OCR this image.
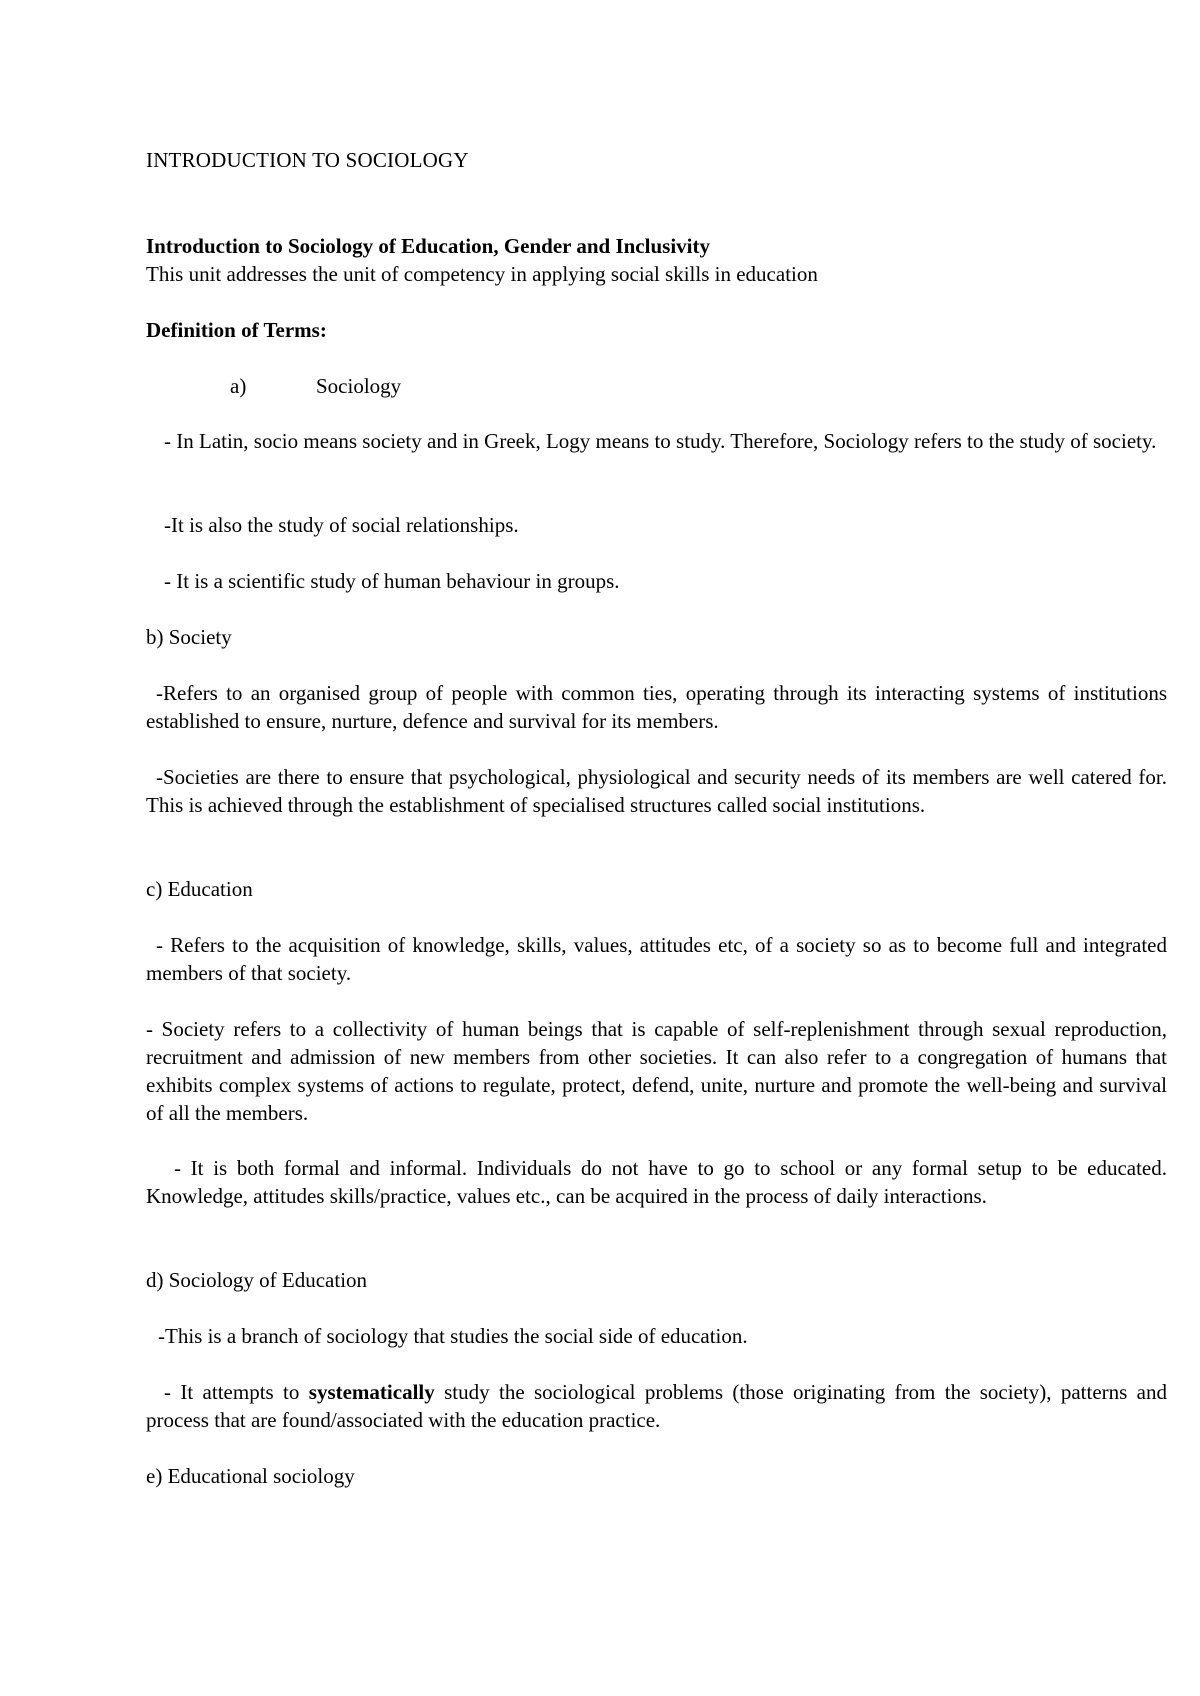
INTRODUCTION TO SOCIOLOGY
Introduction to Sociology of Education, Gender and Inclusivity
This unit addresses the unit of competency in applying social skills in education
Definition of Terms:
a)	Sociology

- In Latin, socio means society and in Greek, Logy means to study. Therefore, Sociology refers to the study of society.

-It is also the study of social relationships.

- It is a scientific study of human behaviour in groups.

b) Society

-Refers to an organised group of people with common ties, operating through its interacting systems of institutions established to ensure, nurture, defence and survival for its members.

-Societies are there to ensure that psychological, physiological and security needs of its members are well catered for. This is achieved through the establishment of specialised structures called social institutions.

c) Education

- Refers to the acquisition of knowledge, skills, values, attitudes etc, of a society so as to become full and integrated members of that society.

- Society refers to a collectivity of human beings that is capable of self-replenishment through sexual reproduction, recruitment and admission of new members from other societies. It can also refer to a congregation of humans that exhibits complex systems of actions to regulate, protect, defend, unite, nurture and promote the well-being and survival of all the members.

- It is both formal and informal. Individuals do not have to go to school or any formal setup to be educated. Knowledge, attitudes skills/practice, values etc., can be acquired in the process of daily interactions.

d) Sociology of Education

-This is a branch of sociology that studies the social side of education.

- It attempts to systematically study the sociological problems (those originating from the society), patterns and process that are found/associated with the education practice.

e) Educational sociology
